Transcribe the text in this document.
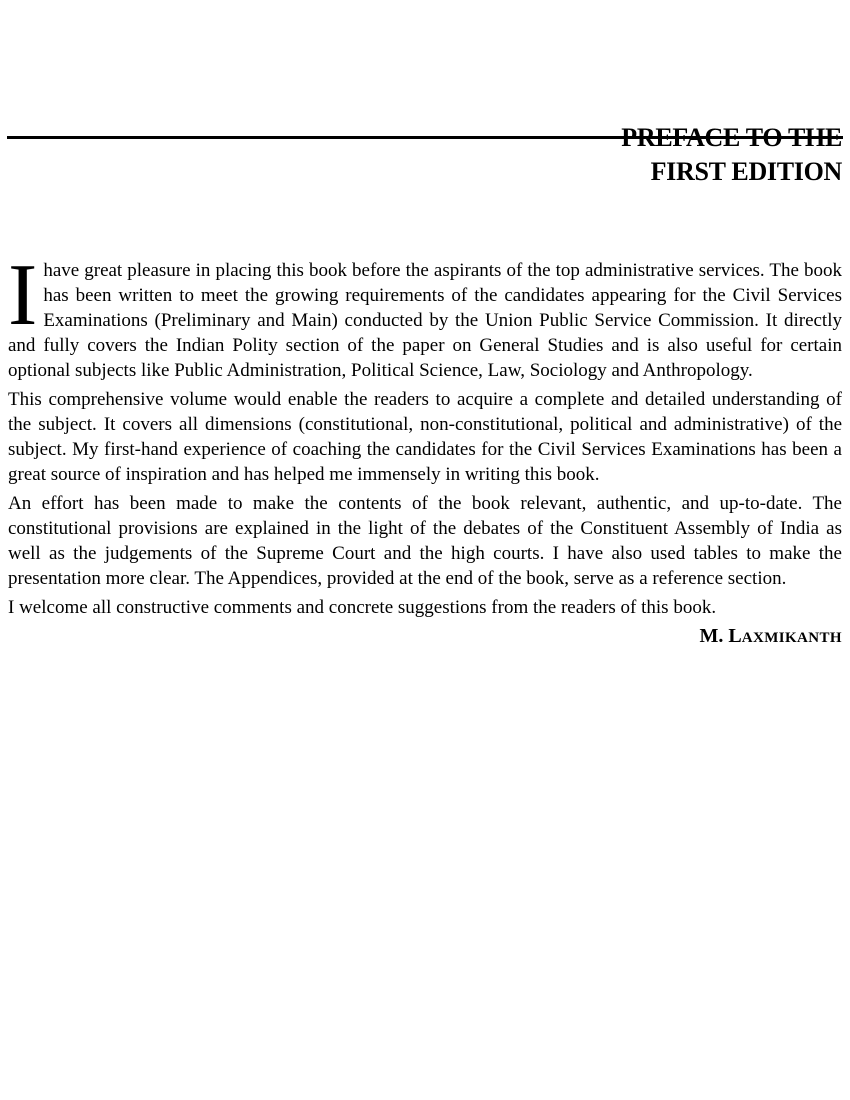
PREFACE TO THE
FIRST EDITION

I have great pleasure in placing this book before the aspirants of the top administrative services. The book has been written to meet the growing requirements of the candidates appearing for the Civil Services Examinations (Preliminary and Main) conducted by the Union Public Service Commission. It directly and fully covers the Indian Polity section of the paper on General Studies and is also useful for certain optional subjects like Public Administration, Political Science, Law, Sociology and Anthropology.

This comprehensive volume would enable the readers to acquire a complete and detailed understanding of the subject. It covers all dimensions (constitutional, non-constitutional, political and administrative) of the subject. My first-hand experience of coaching the candidates for the Civil Services Examinations has been a great source of inspiration and has helped me immensely in writing this book.

An effort has been made to make the contents of the book relevant, authentic, and up-to-date. The constitutional provisions are explained in the light of the debates of the Constituent Assembly of India as well as the judgements of the Supreme Court and the high courts. I have also used tables to make the presentation more clear. The Appendices, provided at the end of the book, serve as a reference section.

I welcome all constructive comments and concrete suggestions from the readers of this book.

M. LAXMIKANTH
